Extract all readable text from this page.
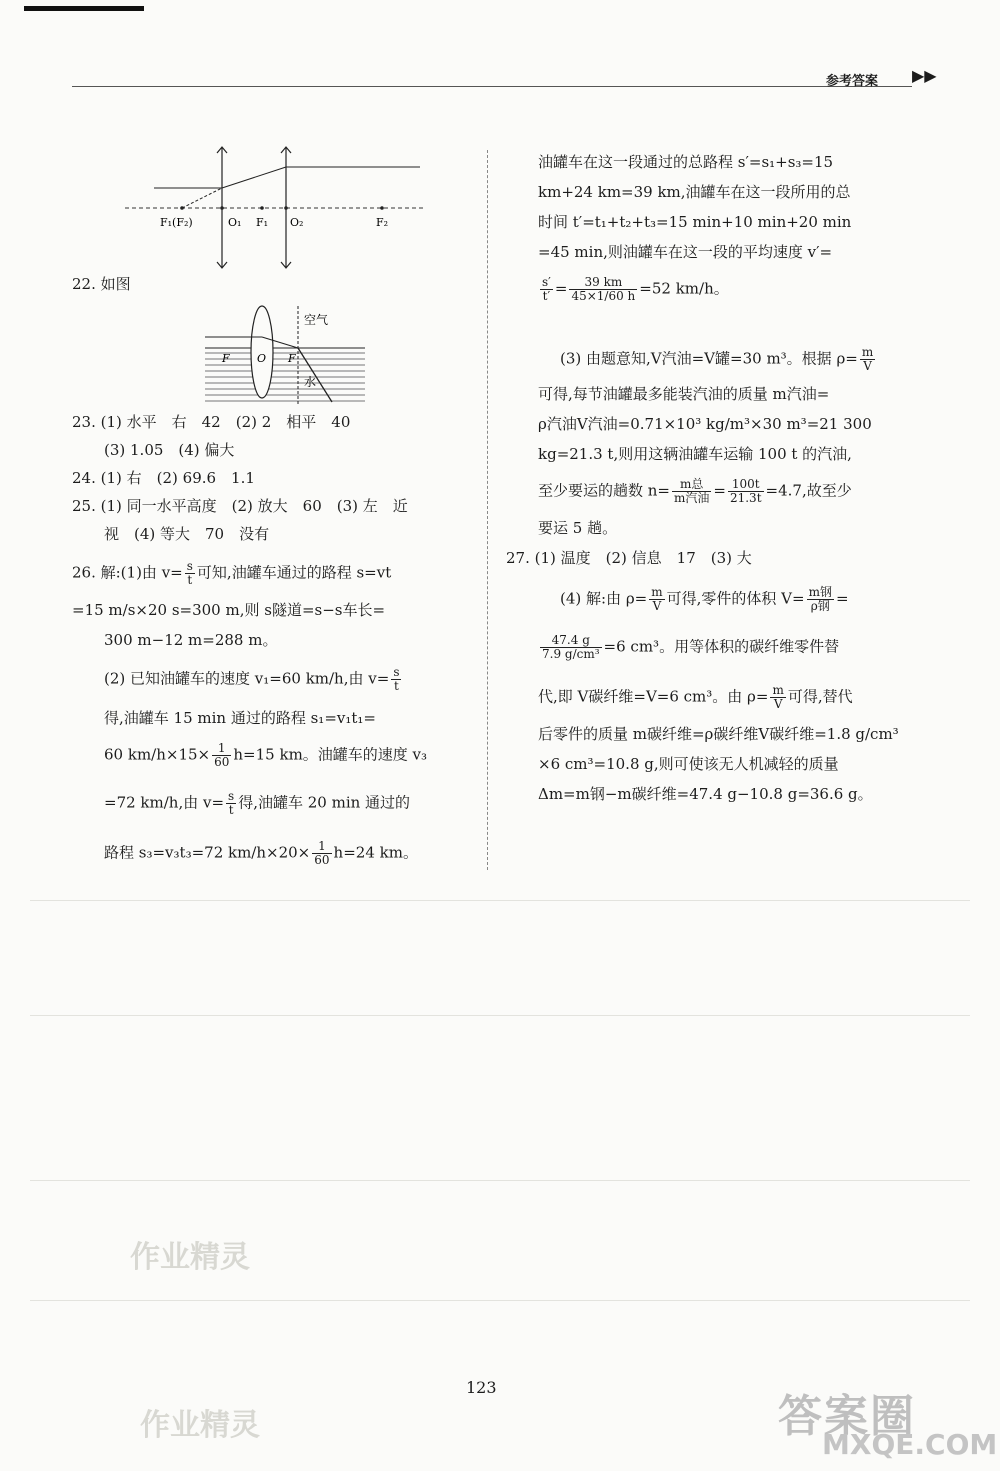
参考答案 ▶▶
F₁(F₂)	O₁ F₁ O₂	F₂
22. 如图
空气
水
F O F
23. (1) 水平　右　42　(2) 2　相平　40
(3) 1.05　(4) 偏大
24. (1) 右　(2) 69.6　1.1
25. (1) 同一水平高度　(2) 放大　60　(3) 左　近
视　(4) 等大　70　没有
26. 解:(1)由 $v= \frac{s}{t}$ 可知,油罐车通过的路程 s=vt
=15 m/s×20 s=300 m,则 s隧道=s−s车长=
300 m−12 m=288 m。
(2) 已知油罐车的速度 v₁=60 km/h,由 $v= \frac{s}{t}$
得,油罐车 15 min 通过的路程 s₁=v₁t₁=
60 $km/h\times 15\times \frac{1}{60} h=15$ km。油罐车的速度 v₃
=72 km/h,由 $v= \frac{s}{t}$ 得,油罐车 20 min 通过的
路程 s₃=v₃t₃=72 $km/h\times 20\times \frac{1}{60} h=24$ km。
油罐车在这一段通过的总路程 s′=s₁+s₃=15
km+24 km=39 km,油罐车在这一段所用的总
时间 t′=t₁+t₂+t₃=15 min+10 min+20 min
=45 min,则油罐车在这一段的平均速度 v′=
$\frac{s'}{t'} = \frac{39 km}{45\times 1/60 h} =52$ km/h。
(3) 由题意知,V汽油=V罐=30 m³。根据 $\rho= \frac{m}{V}$
可得,每节油罐最多能装汽油的质量 m汽油=
ρ汽油V汽油=0.71×10³ kg/m³×30 m³=21 300
kg=21.3 t,则用这辆油罐车运输 100 t 的汽油,
至少要运的趟数 $n= \frac{\text{m总}}{\text{m汽油}} = \frac{100t}{21.3t} =4.7$,故至少
要运 5 趟。
27. (1) 温度　(2) 信息　17　(3) 大
(4) 解:由 $\rho= \frac{m}{V}$ 可得,零件的体积 $V= \frac{\text{m钢}}{\text{ρ钢}}$ =
$\frac{47.4 g}{\text{7.9 g/cm³}} =6$ cm³。用等体积的碳纤维零件替
代,即 V碳纤维=V=6 cm³。由 $\rho= \frac{m}{V}$ 可得,替代
后零件的质量 m碳纤维=ρ碳纤维V碳纤维=1.8 g/cm³
×6 cm³=10.8 g,则可使该无人机减轻的质量
Δm=m钢−m碳纤维=47.4 g−10.8 g=36.6 g。
作业精灵
作业精灵
123
答案圈
MXQE.COM
